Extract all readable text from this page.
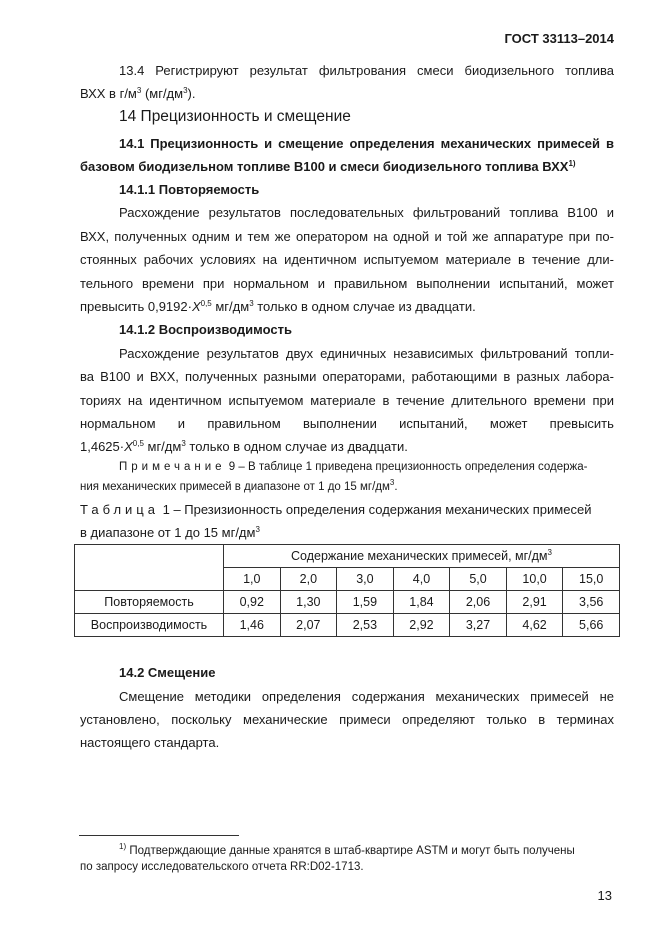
ГОСТ 33113–2014
13.4 Регистрируют результат фильтрования смеси биодизельного топлива
ВХХ в $г/м^3$ $(мг/дм^3)$.
14 Прецизионность и смещение
14.1 Прецизионность и смещение определения механических примесей в
базовом биодизельном топливе В100 и смеси биодизельного топлива ВХХ$^{1)}$
14.1.1 Повторяемость
Расхождение результатов последовательных фильтрований топлива В100 и
ВХХ, полученных одним и тем же оператором на одной и той же аппаратуре при по-
стоянных рабочих условиях на идентичном испытуемом материале в течение дли-
тельного времени при нормальном и правильном выполнении испытаний, может
превысить $0,9192\cdot X^{0,5}$ $мг/дм^3$ только в одном случае из двадцати.
14.1.2 Воспроизводимость
Расхождение результатов двух единичных независимых фильтрований топли-
ва В100 и ВХХ, полученных разными операторами, работающими в разных лабора-
ториях на идентичном испытуемом материале в течение длительного времени при
нормальном и правильном выполнении испытаний, может превысить
$1,4625\cdot X^{0,5}$ $мг/дм^3$ только в одном случае из двадцати.
Примечание 9 – В таблице 1 приведена прецизионность определения содержа-
ния механических примесей в диапазоне от 1 до 15 $мг/дм^3$.
Таблица 1 – Презизионность определения содержания механических примесей
в диапазоне от 1 до 15 $мг/дм^3$
	Содержание механических примесей, $мг/дм^3$
	1,0	2,0	3,0	4,0	5,0	10,0	15,0
Повторяемость	0,92	1,30	1,59	1,84	2,06	2,91	3,56
Воспроизводимость	1,46	2,07	2,53	2,92	3,27	4,62	5,66
14.2 Смещение
Смещение методики определения содержания механических примесей не
установлено, поскольку механические примеси определяют только в терминах
настоящего стандарта.
$^{1)}$ Подтверждающие данные хранятся в штаб-квартире ASTM и могут быть получены
по запросу исследовательского отчета RR:D02-1713.
13
